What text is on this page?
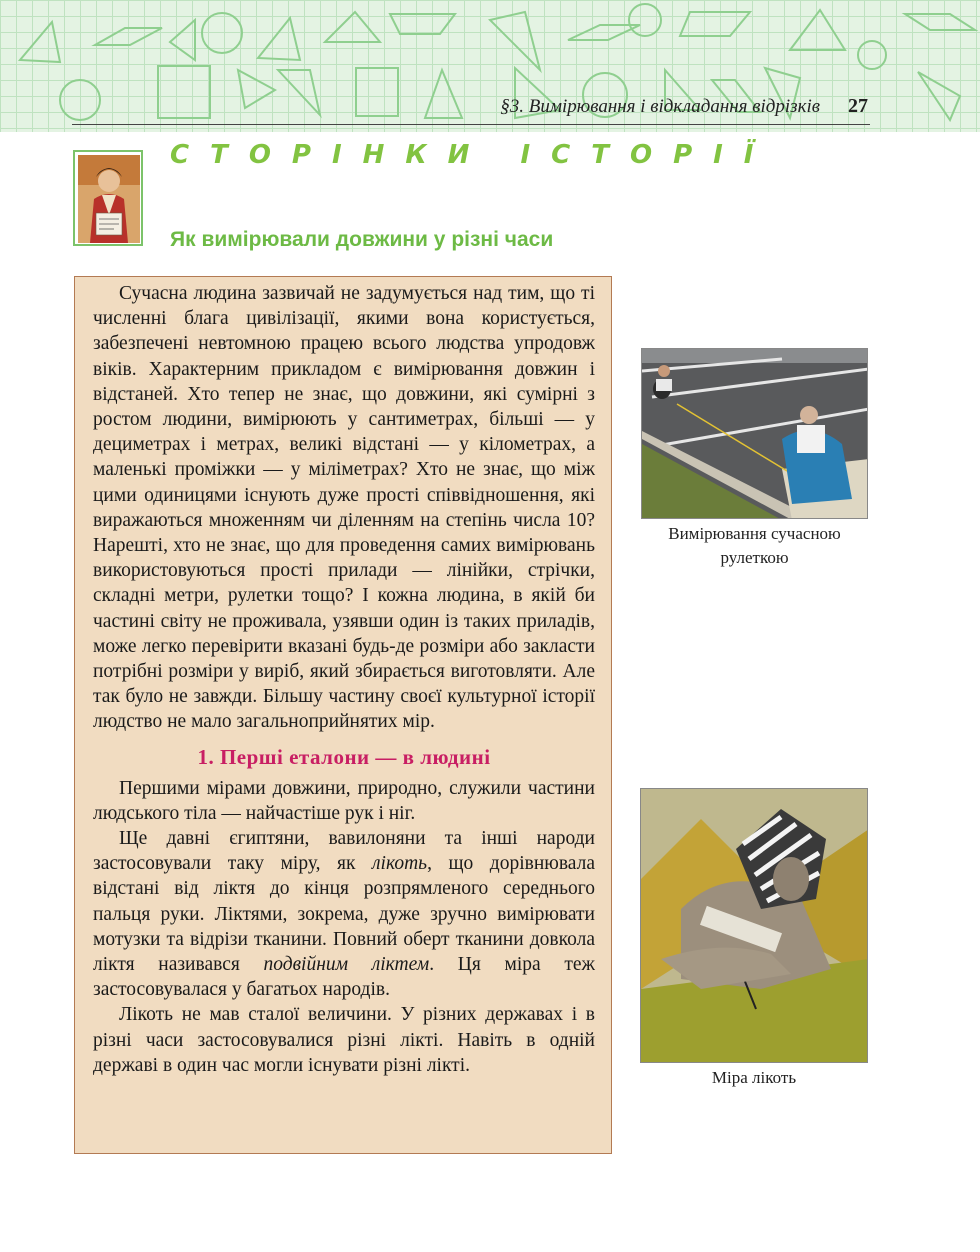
§3. Вимірювання і відкладання відрізків 27
СТОРІНКИ ІСТОРІЇ
Як вимірювали довжини у різні часи

Сучасна людина зазвичай не задумується над тим, що ті численні блага цивілізації, якими вона користується, забезпечені невтомною працею всього людства упродовж віків. Характерним прикладом є вимірювання довжин і відстаней. Хто тепер не знає, що довжини, які сумірні з ростом людини, вимірюють у сантиметрах, більші — у дециметрах і метрах, великі відстані — у кілометрах, а маленькі проміжки — у міліметрах? Хто не знає, що між цими одиницями існують дуже прості співвідношення, які виражаються множенням чи діленням на степінь числа 10? Нарешті, хто не знає, що для проведення самих вимірювань використовуються прості прилади — лінійки, стрічки, складні метри, рулетки тощо? І кожна людина, в якій би частині світу не проживала, узявши один із таких приладів, може легко перевірити вказані будь-де розміри або закласти потрібні розміри у виріб, який збирається виготовляти. Але так було не завжди. Більшу частину своєї культурної історії людство не мало загальноприйнятих мір.

1. Перші еталони — в людині

Першими мірами довжини, природно, служили частини людського тіла — найчастіше рук і ніг.

Ще давні єгиптяни, вавилоняни та інші народи застосовували таку міру, як лікоть, що дорівнювала відстані від ліктя до кінця розпрямленого середнього пальця руки. Ліктями, зокрема, дуже зручно вимірювати мотузки та відрізи тканини. Повний оберт тканини довкола ліктя називався подвійним ліктем. Ця міра теж застосовувалася у багатьох народів.

Лікоть не мав сталої величини. У різних державах і в різні часи застосовувалися різні лікті. Навіть в одній державі в один час могли існувати різні лікті.

Вимірювання сучасною
рулеткою
Міра лікоть
